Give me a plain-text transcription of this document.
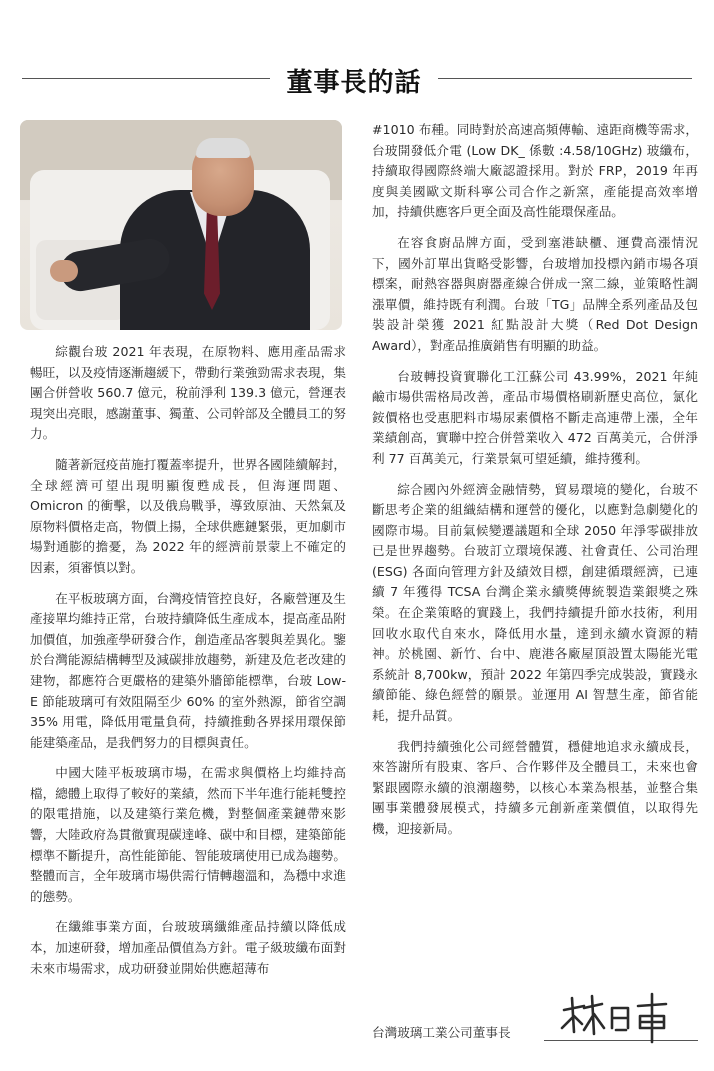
董事長的話

綜觀台玻 2021 年表現，在原物料、應用產品需求暢旺，以及疫情逐漸趨緩下，帶動行業強勁需求表現，集團合併營收 560.7 億元，稅前淨利 139.3 億元，營運表現突出亮眼，感謝董事、獨董、公司幹部及全體員工的努力。

隨著新冠疫苗施打覆蓋率提升，世界各國陸續解封，全球經濟可望出現明顯復甦成長，但海運問題、Omicron 的衝擊，以及俄烏戰爭，導致原油、天然氣及原物料價格走高，物價上揚，全球供應鏈緊張，更加劇市場對通膨的擔憂，為 2022 年的經濟前景蒙上不確定的因素，須審慎以對。

在平板玻璃方面，台灣疫情管控良好，各廠營運及生產接單均維持正常，台玻持續降低生產成本，提高產品附加價值，加強產學研發合作，創造產品客製與差異化。鑒於台灣能源結構轉型及減碳排放趨勢，新建及危老改建的建物，都應符合更嚴格的建築外牆節能標準，台玻 Low-E 節能玻璃可有效阻隔至少 60% 的室外熱源，節省空調 35% 用電，降低用電量負荷，持續推動各界採用環保節能建築產品，是我們努力的目標與責任。

中國大陸平板玻璃市場，在需求與價格上均維持高檔，總體上取得了較好的業績，然而下半年進行能耗雙控的限電措施，以及建築行業危機，對整個產業鏈帶來影響，大陸政府為貫徹實現碳達峰、碳中和目標，建築節能標準不斷提升，高性能節能、智能玻璃使用已成為趨勢。整體而言，全年玻璃市場供需行情轉趨溫和，為穩中求進的態勢。

在纖維事業方面，台玻玻璃纖維產品持續以降低成本，加速研發，增加產品價值為方針。電子級玻纖布面對未來市場需求，成功研發並開始供應超薄布

#1010 布種。同時對於高速高頻傳輸、遠距商機等需求，台玻開發低介電 (Low DK_ 係數 :4.58/10GHz) 玻纖布，持續取得國際終端大廠認證採用。對於 FRP，2019 年再度與美國歐文斯科寧公司合作之新窯，產能提高效率增加，持續供應客戶更全面及高性能環保產品。

在容食廚品牌方面，受到塞港缺櫃、運費高漲情況下，國外訂單出貨略受影響，台玻增加投標內銷市場各項標案，耐熱容器與廚器產線合併成一窯二線，並策略性調漲單價，維持既有利潤。台玻「TG」品牌全系列產品及包裝設計榮獲 2021 紅點設計大獎（Red Dot Design Award），對產品推廣銷售有明顯的助益。

台玻轉投資實聯化工江蘇公司 43.99%，2021 年純鹼市場供需格局改善，產品市場價格刷新歷史高位，氯化銨價格也受惠肥料市場尿素價格不斷走高連帶上漲，全年業績創高，實聯中控合併營業收入 472 百萬美元，合併淨利 77 百萬美元，行業景氣可望延續，維持獲利。

綜合國內外經濟金融情勢，貿易環境的變化，台玻不斷思考企業的組織結構和運營的優化，以應對急劇變化的國際市場。目前氣候變遷議題和全球 2050 年淨零碳排放已是世界趨勢。台玻訂立環境保護、社會責任、公司治理 (ESG) 各面向管理方針及績效目標，創建循環經濟，已連續 7 年獲得 TCSA 台灣企業永續獎傳統製造業銀獎之殊榮。在企業策略的實踐上，我們持續提升節水技術，利用回收水取代自來水，降低用水量，達到永續水資源的精神。於桃園、新竹、台中、鹿港各廠屋頂設置太陽能光電系統計 8,700kw，預計 2022 年第四季完成裝設，實踐永續節能、綠色經營的願景。並運用 AI 智慧生產，節省能耗，提升品質。

我們持續強化公司經營體質，穩健地追求永續成長，來答謝所有股東、客戶、合作夥伴及全體員工，未來也會緊跟國際永續的浪潮趨勢，以核心本業為根基，並整合集團事業體發展模式，持續多元創新產業價值，以取得先機，迎接新局。

台灣玻璃工業公司董事長
